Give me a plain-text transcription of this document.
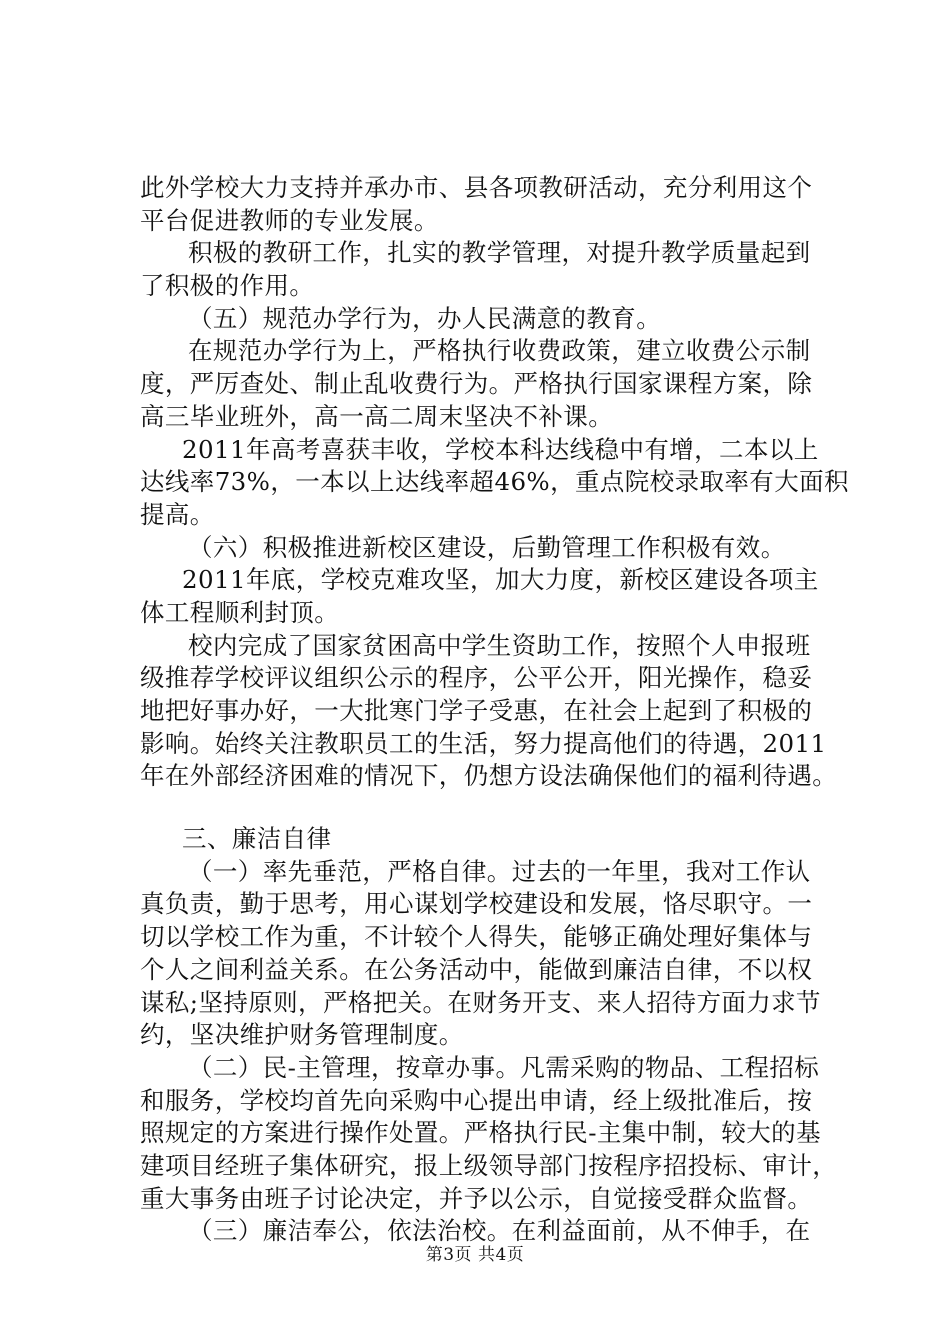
此外学校大力支持并承办市、县各项教研活动，充分利用这个
平台促进教师的专业发展。
积极的教研工作，扎实的教学管理，对提升教学质量起到
了积极的作用。
（五）规范办学行为，办人民满意的教育。
在规范办学行为上，严格执行收费政策，建立收费公示制
度，严厉查处、制止乱收费行为。严格执行国家课程方案，除
高三毕业班外，高一高二周末坚决不补课。
2011年高考喜获丰收，学校本科达线稳中有增，二本以上
达线率73%，一本以上达线率超46%，重点院校录取率有大面积
提高。
（六）积极推进新校区建设，后勤管理工作积极有效。
2011年底，学校克难攻坚，加大力度，新校区建设各项主
体工程顺利封顶。
校内完成了国家贫困高中学生资助工作，按照个人申报班
级推荐学校评议组织公示的程序，公平公开，阳光操作，稳妥
地把好事办好，一大批寒门学子受惠，在社会上起到了积极的
影响。始终关注教职员工的生活，努力提高他们的待遇，2011
年在外部经济困难的情况下，仍想方设法确保他们的福利待遇。
三、廉洁自律
（一）率先垂范，严格自律。过去的一年里，我对工作认
真负责，勤于思考，用心谋划学校建设和发展，恪尽职守。一
切以学校工作为重，不计较个人得失，能够正确处理好集体与
个人之间利益关系。在公务活动中，能做到廉洁自律，不以权
谋私;坚持原则，严格把关。在财务开支、来人招待方面力求节
约，坚决维护财务管理制度。
（二）民-主管理，按章办事。凡需采购的物品、工程招标
和服务，学校均首先向采购中心提出申请，经上级批准后，按
照规定的方案进行操作处置。严格执行民-主集中制，较大的基
建项目经班子集体研究，报上级领导部门按程序招投标、审计，
重大事务由班子讨论决定，并予以公示，自觉接受群众监督。
（三）廉洁奉公，依法治校。在利益面前，从不伸手，在
第3页 共4页
